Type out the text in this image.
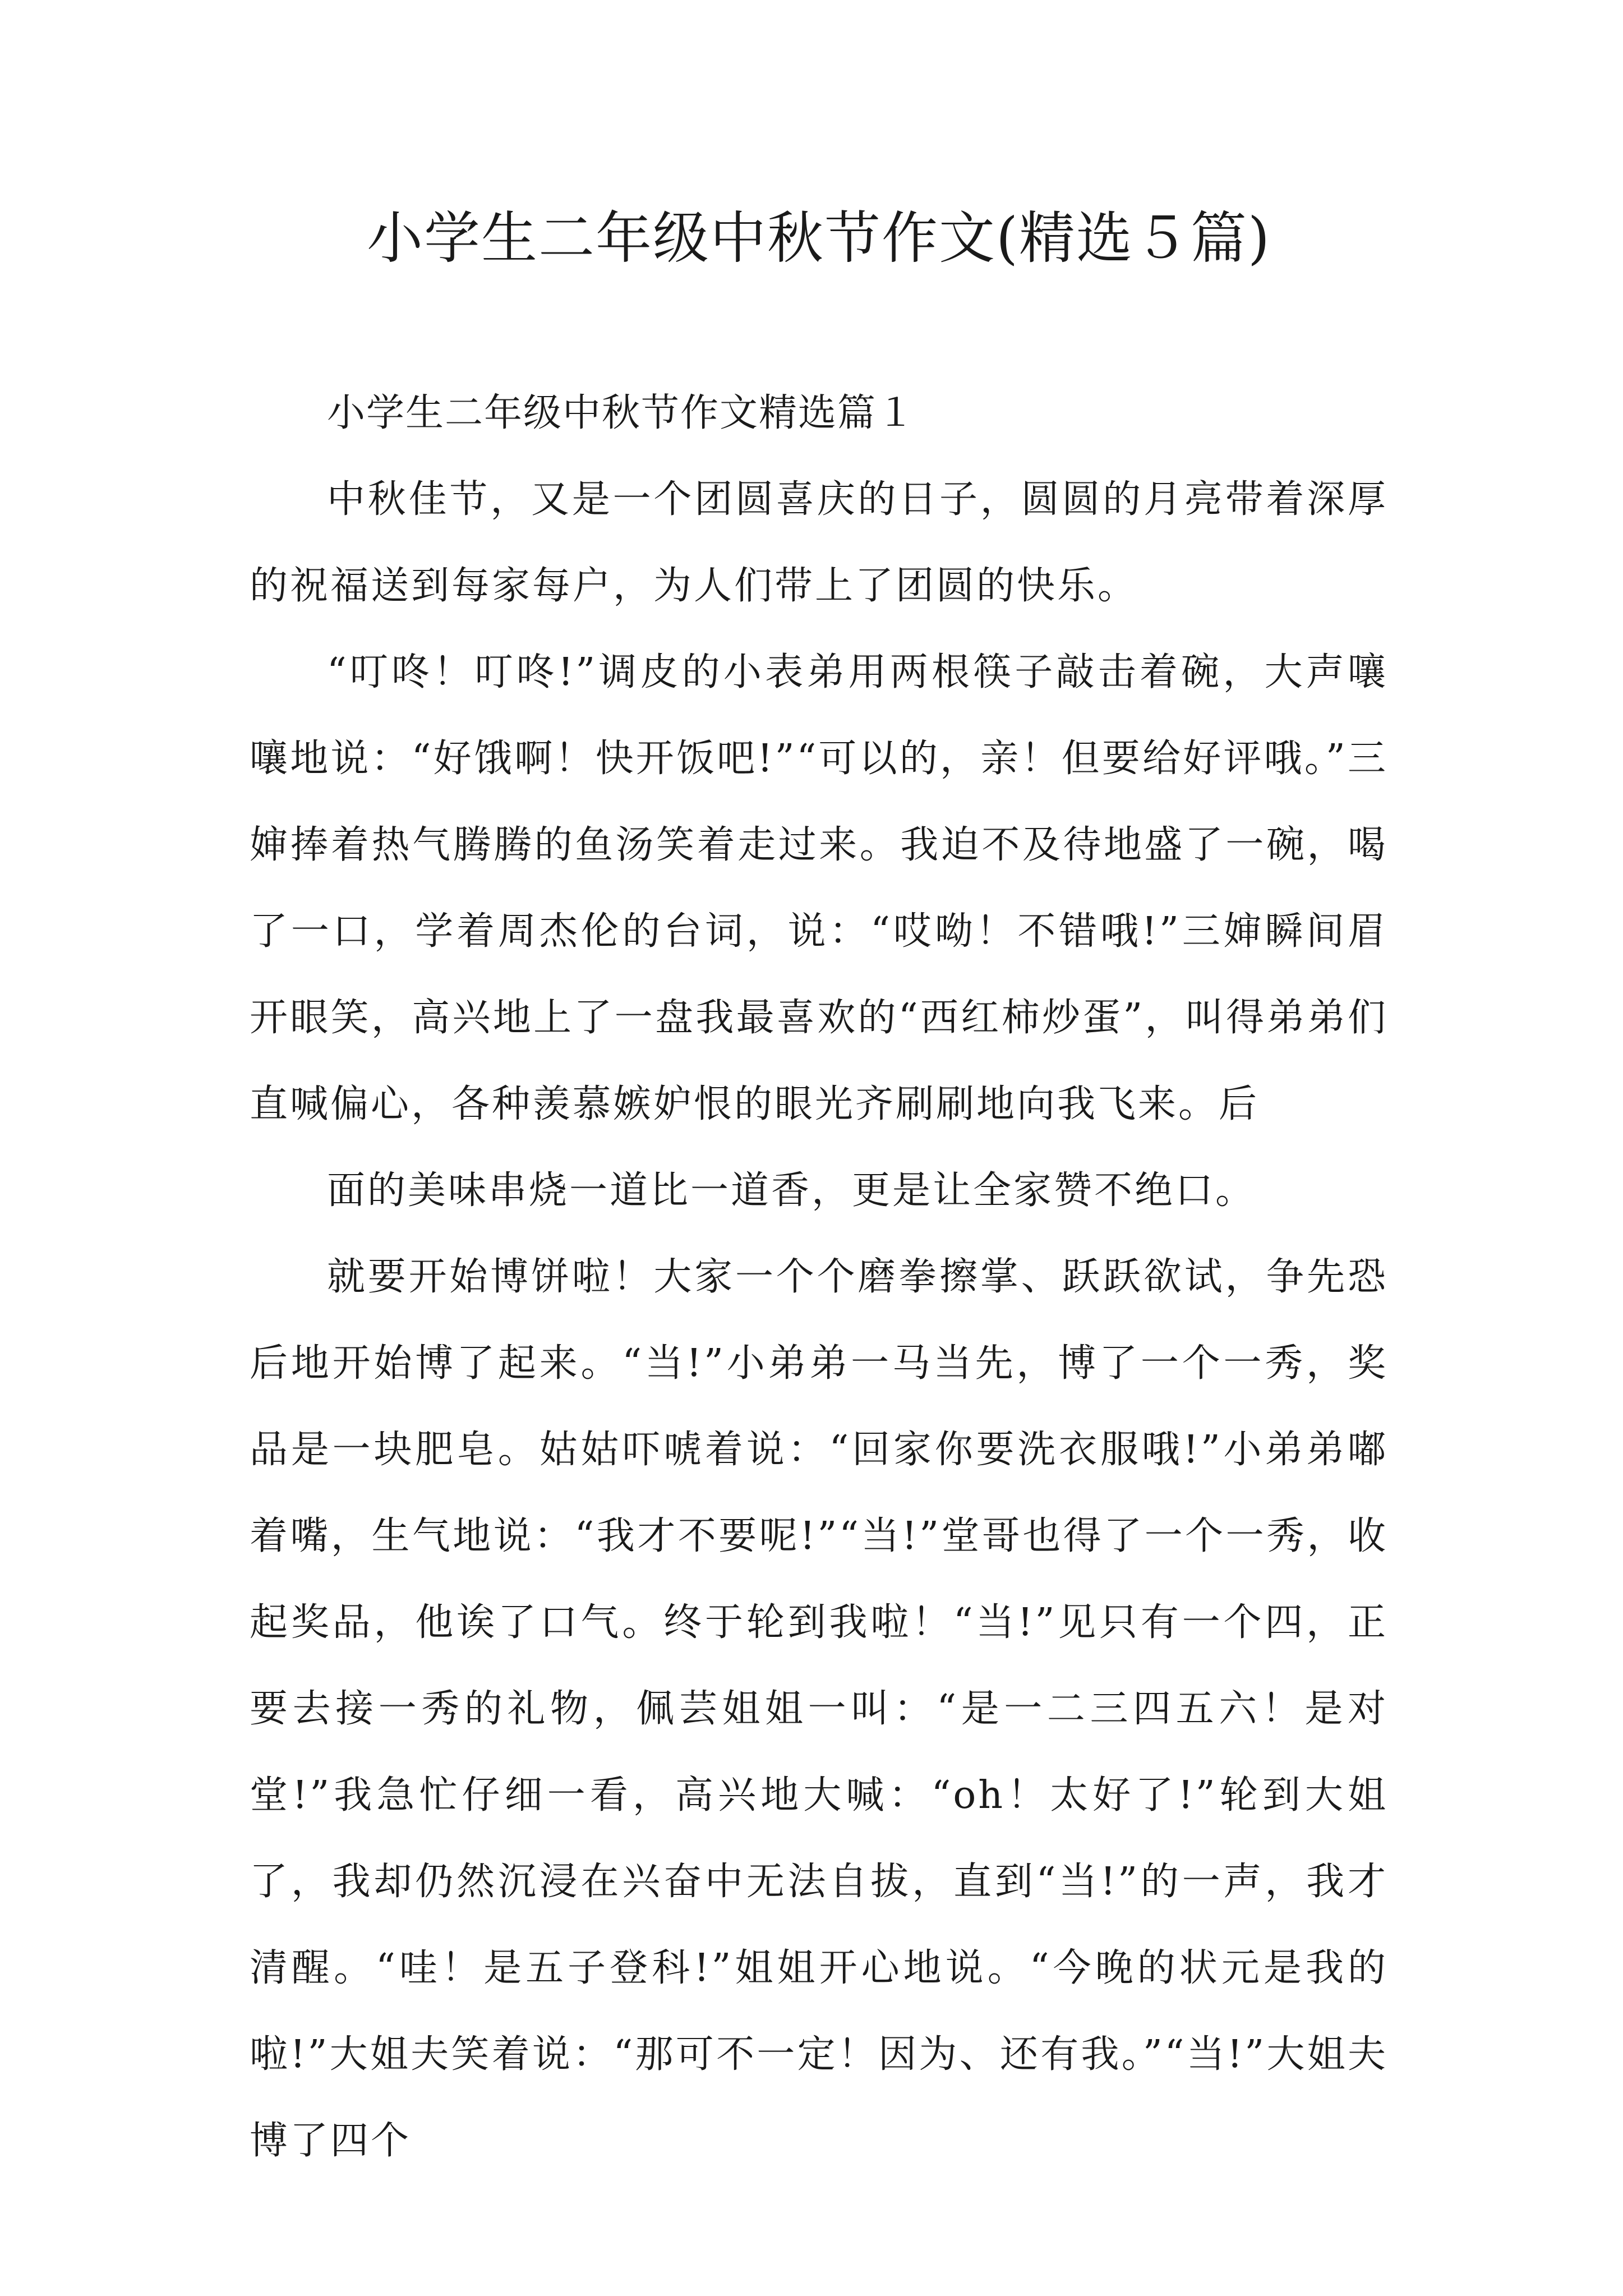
小学生二年级中秋节作文(精选５篇)

小学生二年级中秋节作文精选篇１

中秋佳节，又是一个团圆喜庆的日子，圆圆的月亮带着深厚的祝福送到每家每户，为人们带上了团圆的快乐。

“叮咚！叮咚!”调皮的小表弟用两根筷子敲击着碗，大声嚷嚷地说：“好饿啊！快开饭吧!”“可以的，亲！但要给好评哦。”三婶捧着热气腾腾的鱼汤笑着走过来。我迫不及待地盛了一碗，喝了一口，学着周杰伦的台词，说：“哎呦！不错哦!”三婶瞬间眉开眼笑，高兴地上了一盘我最喜欢的“西红柿炒蛋”，叫得弟弟们直喊偏心，各种羡慕嫉妒恨的眼光齐刷刷地向我飞来。后

面的美味串烧一道比一道香，更是让全家赞不绝口。

就要开始博饼啦！大家一个个磨拳擦掌、跃跃欲试，争先恐后地开始博了起来。“当!”小弟弟一马当先，博了一个一秀，奖品是一块肥皂。姑姑吓唬着说：“回家你要洗衣服哦!”小弟弟嘟着嘴，生气地说：“我才不要呢!”“当!”堂哥也得了一个一秀，收起奖品，他诶了口气。终于轮到我啦！“当!”见只有一个四，正要去接一秀的礼物，佩芸姐姐一叫：“是一二三四五六！是对堂!”我急忙仔细一看，高兴地大喊：“oh！太好了!”轮到大姐了，我却仍然沉浸在兴奋中无法自拔，直到“当!”的一声，我才清醒。“哇！是五子登科!”姐姐开心地说。“今晚的状元是我的啦!”大姐夫笑着说：“那可不一定！因为、还有我。”“当!”大姐夫博了四个
